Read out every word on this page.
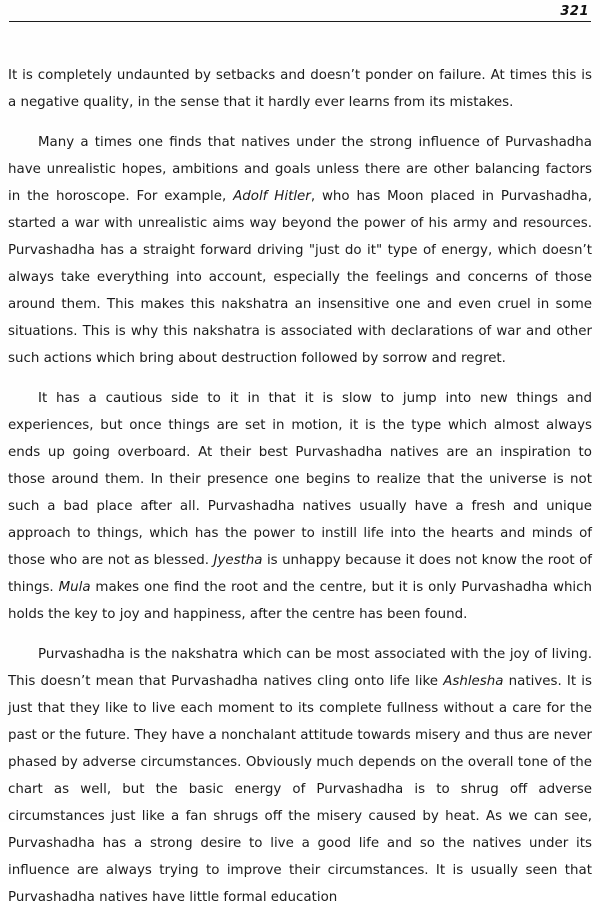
321

It is completely undaunted by setbacks and doesn’t ponder on failure. At times this is a negative quality, in the sense that it hardly ever learns from its mistakes.

Many a times one finds that natives under the strong influence of Purvashadha have unrealistic hopes, ambitions and goals unless there are other balancing factors in the horoscope. For example, Adolf Hitler, who has Moon placed in Purvashadha, started a war with unrealistic aims way beyond the power of his army and resources. Purvashadha has a straight forward driving "just do it" type of energy, which doesn’t always take everything into account, especially the feelings and concerns of those around them. This makes this nakshatra an insensitive one and even cruel in some situations. This is why this nakshatra is associated with declarations of war and other such actions which bring about destruction followed by sorrow and regret.

It has a cautious side to it in that it is slow to jump into new things and experiences, but once things are set in motion, it is the type which almost always ends up going overboard. At their best Purvashadha natives are an inspiration to those around them. In their presence one begins to realize that the universe is not such a bad place after all. Purvashadha natives usually have a fresh and unique approach to things, which has the power to instill life into the hearts and minds of those who are not as blessed. Jyestha is unhappy because it does not know the root of things. Mula makes one find the root and the centre, but it is only Purvashadha which holds the key to joy and happiness, after the centre has been found.

Purvashadha is the nakshatra which can be most associated with the joy of living. This doesn’t mean that Purvashadha natives cling onto life like Ashlesha natives. It is just that they like to live each moment to its complete fullness without a care for the past or the future. They have a nonchalant attitude towards misery and thus are never phased by adverse circumstances. Obviously much depends on the overall tone of the chart as well, but the basic energy of Purvashadha is to shrug off adverse circumstances just like a fan shrugs off the misery caused by heat. As we can see, Purvashadha has a strong desire to live a good life and so the natives under its influence are always trying to improve their circumstances. It is usually seen that Purvashadha natives have little formal education
